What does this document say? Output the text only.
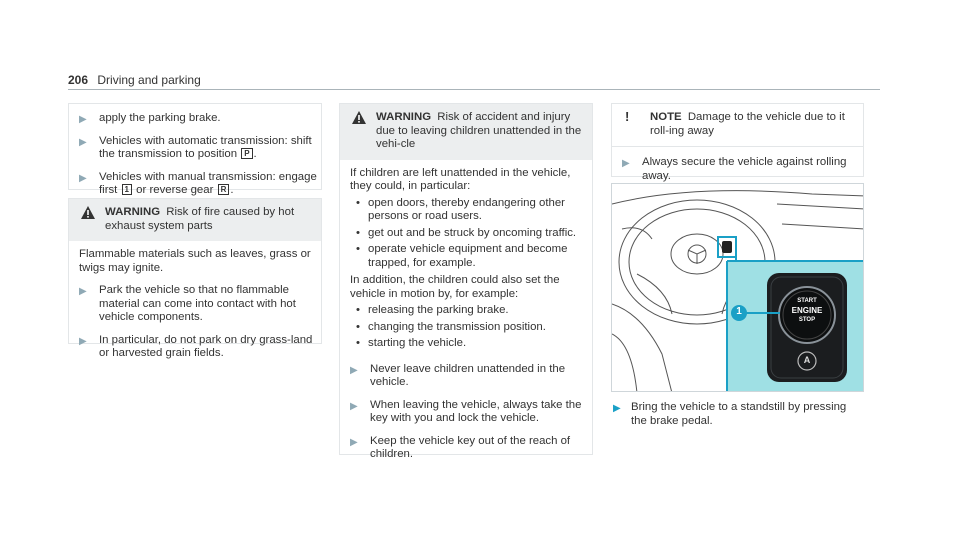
206 Driving and parking
▶ apply the parking brake.
▶ Vehicles with automatic transmission: shift the transmission to position P .
▶ Vehicles with manual transmission: engage first 1 or reverse gear R .
WARNING Risk of fire caused by hot exhaust system parts
Flammable materials such as leaves, grass or twigs may ignite.
▶ Park the vehicle so that no flammable material can come into contact with hot vehicle components.
▶ In particular, do not park on dry grass-land or harvested grain fields.
WARNING Risk of accident and injury due to leaving children unattended in the vehi-cle
If children are left unattended in the vehicle, they could, in particular:
• open doors, thereby endangering other persons or road users.
• get out and be struck by oncoming traffic.
• operate vehicle equipment and become trapped, for example.
In addition, the children could also set the vehicle in motion by, for example:
• releasing the parking brake.
• changing the transmission position.
• starting the vehicle.
▶ Never leave children unattended in the vehicle.
▶ When leaving the vehicle, always take the key with you and lock the vehicle.
▶ Keep the vehicle key out of the reach of children.
! NOTE Damage to the vehicle due to it roll-ing away
▶ Always secure the vehicle against rolling away.
1
START
ENGINE
STOP
A
▶ Bring the vehicle to a standstill by pressing the brake pedal.
